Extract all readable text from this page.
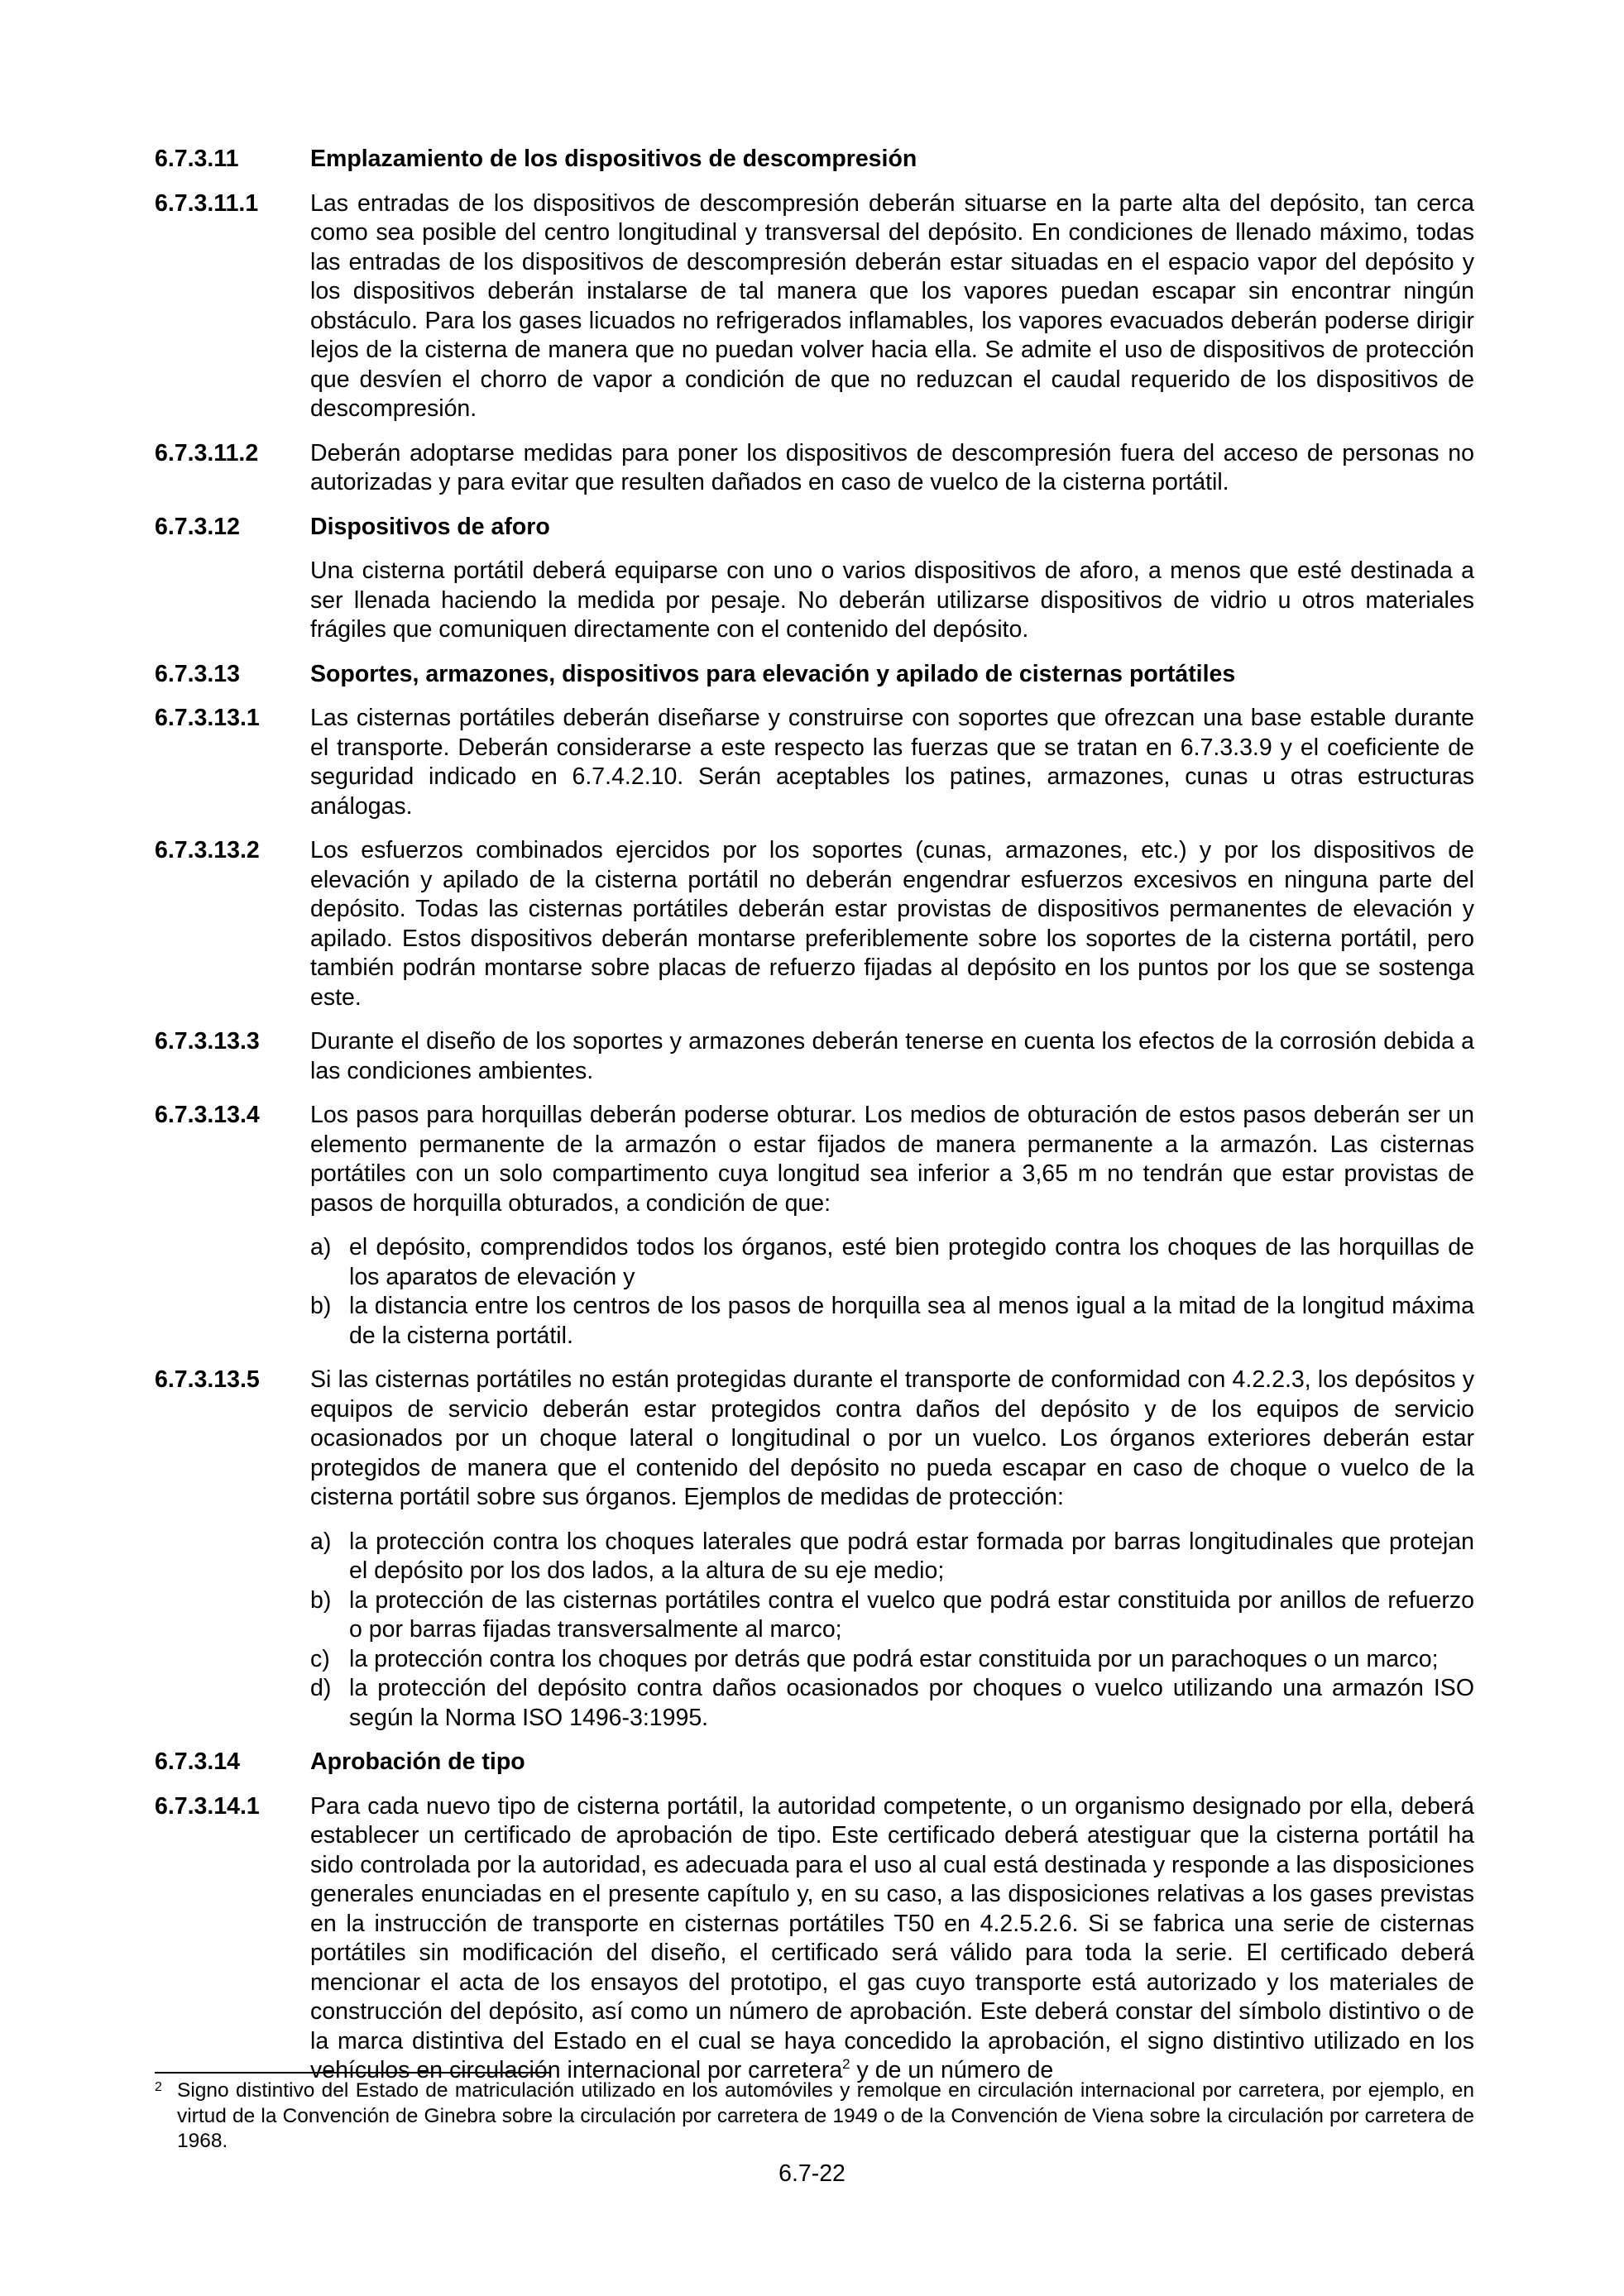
6.7.3.11	Emplazamiento de los dispositivos de descompresión
6.7.3.11.1 Las entradas de los dispositivos de descompresión deberán situarse en la parte alta del depósito, tan cerca como sea posible del centro longitudinal y transversal del depósito. En condiciones de llenado máximo, todas las entradas de los dispositivos de descompresión deberán estar situadas en el espacio vapor del depósito y los dispositivos deberán instalarse de tal manera que los vapores puedan escapar sin encontrar ningún obstáculo. Para los gases licuados no refrigerados inflamables, los vapores evacuados deberán poderse dirigir lejos de la cisterna de manera que no puedan volver hacia ella. Se admite el uso de dispositivos de protección que desvíen el chorro de vapor a condición de que no reduzcan el caudal requerido de los dispositivos de descompresión.
6.7.3.11.2 Deberán adoptarse medidas para poner los dispositivos de descompresión fuera del acceso de personas no autorizadas y para evitar que resulten dañados en caso de vuelco de la cisterna portátil.
6.7.3.12	Dispositivos de aforo
Una cisterna portátil deberá equiparse con uno o varios dispositivos de aforo, a menos que esté destinada a ser llenada haciendo la medida por pesaje. No deberán utilizarse dispositivos de vidrio u otros materiales frágiles que comuniquen directamente con el contenido del depósito.
6.7.3.13	Soportes, armazones, dispositivos para elevación y apilado de cisternas portátiles
6.7.3.13.1 Las cisternas portátiles deberán diseñarse y construirse con soportes que ofrezcan una base estable durante el transporte. Deberán considerarse a este respecto las fuerzas que se tratan en 6.7.3.3.9 y el coeficiente de seguridad indicado en 6.7.4.2.10. Serán aceptables los patines, armazones, cunas u otras estructuras análogas.
6.7.3.13.2 Los esfuerzos combinados ejercidos por los soportes (cunas, armazones, etc.) y por los dispositivos de elevación y apilado de la cisterna portátil no deberán engendrar esfuerzos excesivos en ninguna parte del depósito. Todas las cisternas portátiles deberán estar provistas de dispositivos permanentes de elevación y apilado. Estos dispositivos deberán montarse preferiblemente sobre los soportes de la cisterna portátil, pero también podrán montarse sobre placas de refuerzo fijadas al depósito en los puntos por los que se sostenga este.
6.7.3.13.3 Durante el diseño de los soportes y armazones deberán tenerse en cuenta los efectos de la corrosión debida a las condiciones ambientes.
6.7.3.13.4 Los pasos para horquillas deberán poderse obturar. Los medios de obturación de estos pasos deberán ser un elemento permanente de la armazón o estar fijados de manera permanente a la armazón. Las cisternas portátiles con un solo compartimento cuya longitud sea inferior a 3,65 m no tendrán que estar provistas de pasos de horquilla obturados, a condición de que:
a) el depósito, comprendidos todos los órganos, esté bien protegido contra los choques de las horquillas de los aparatos de elevación y
b) la distancia entre los centros de los pasos de horquilla sea al menos igual a la mitad de la longitud máxima de la cisterna portátil.
6.7.3.13.5 Si las cisternas portátiles no están protegidas durante el transporte de conformidad con 4.2.2.3, los depósitos y equipos de servicio deberán estar protegidos contra daños del depósito y de los equipos de servicio ocasionados por un choque lateral o longitudinal o por un vuelco. Los órganos exteriores deberán estar protegidos de manera que el contenido del depósito no pueda escapar en caso de choque o vuelco de la cisterna portátil sobre sus órganos. Ejemplos de medidas de protección:
a) la protección contra los choques laterales que podrá estar formada por barras longitudinales que protejan el depósito por los dos lados, a la altura de su eje medio;
b) la protección de las cisternas portátiles contra el vuelco que podrá estar constituida por anillos de refuerzo o por barras fijadas transversalmente al marco;
c) la protección contra los choques por detrás que podrá estar constituida por un parachoques o un marco;
d) la protección del depósito contra daños ocasionados por choques o vuelco utilizando una armazón ISO según la Norma ISO 1496-3:1995.
6.7.3.14	Aprobación de tipo
6.7.3.14.1 Para cada nuevo tipo de cisterna portátil, la autoridad competente, o un organismo designado por ella, deberá establecer un certificado de aprobación de tipo. Este certificado deberá atestiguar que la cisterna portátil ha sido controlada por la autoridad, es adecuada para el uso al cual está destinada y responde a las disposiciones generales enunciadas en el presente capítulo y, en su caso, a las disposiciones relativas a los gases previstas en la instrucción de transporte en cisternas portátiles T50 en 4.2.5.2.6. Si se fabrica una serie de cisternas portátiles sin modificación del diseño, el certificado será válido para toda la serie. El certificado deberá mencionar el acta de los ensayos del prototipo, el gas cuyo transporte está autorizado y los materiales de construcción del depósito, así como un número de aprobación. Este deberá constar del símbolo distintivo o de la marca distintiva del Estado en el cual se haya concedido la aprobación, el signo distintivo utilizado en los vehículos en circulación internacional por carretera$^2$ y de un número de
2 Signo distintivo del Estado de matriculación utilizado en los automóviles y remolque en circulación internacional por carretera, por ejemplo, en virtud de la Convención de Ginebra sobre la circulación por carretera de 1949 o de la Convención de Viena sobre la circulación por carretera de 1968.
6.7-22
